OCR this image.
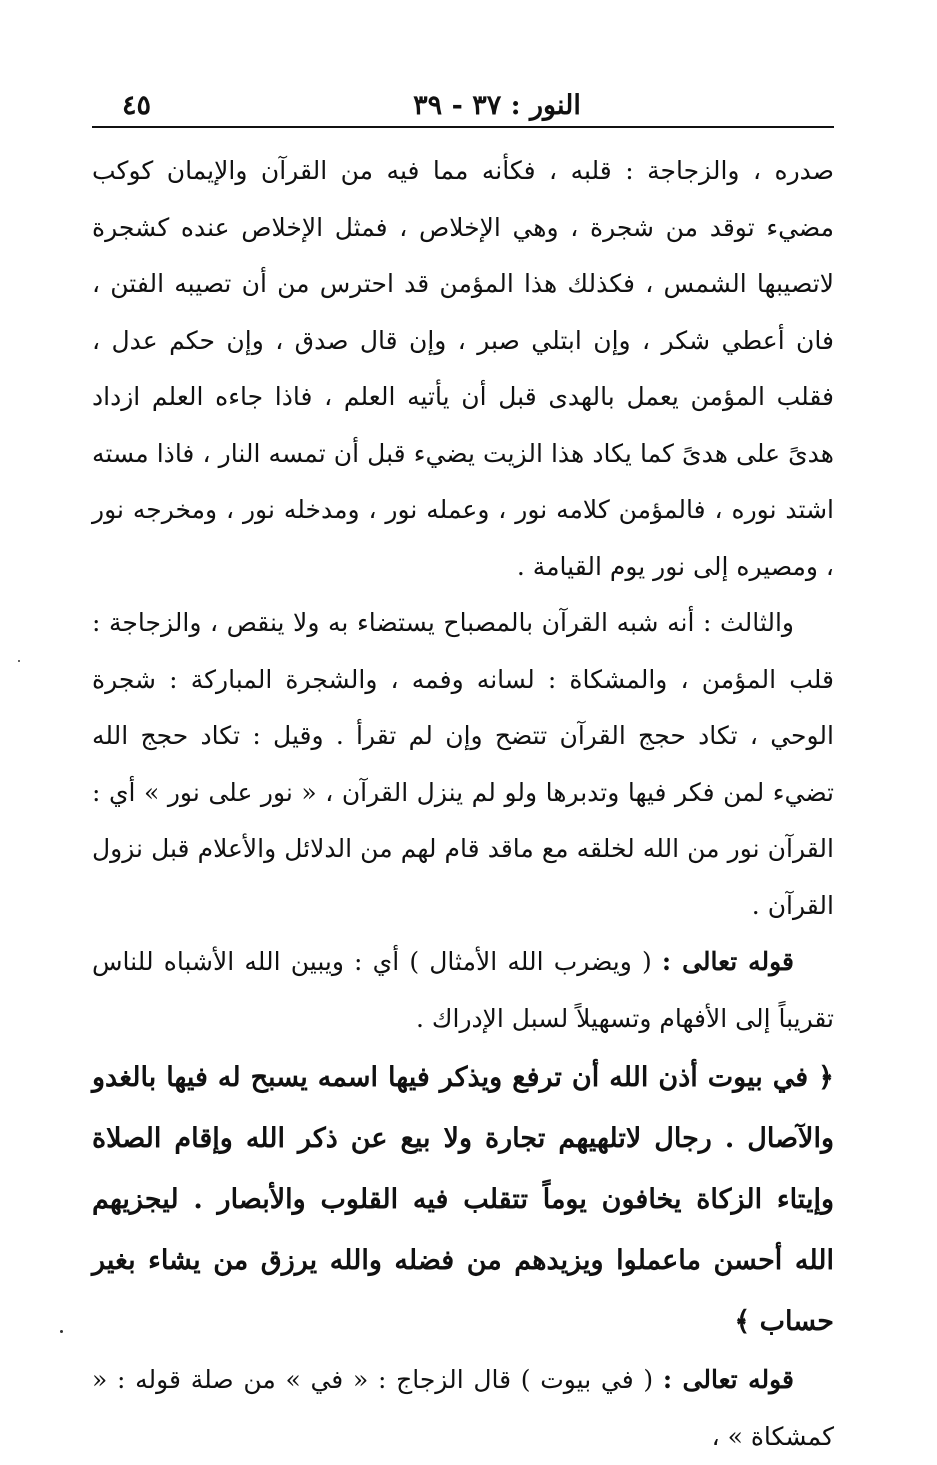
٤٥	النور : ٣٧ - ٣٩

صدره ، والزجاجة : قلبه ، فكأنه مما فيه من القرآن والإيمان كوكب مضيء توقد من شجرة ، وهي الإخلاص ، فمثل الإخلاص عنده كشجرة لاتصيبها الشمس ، فكذلك هذا المؤمن قد احترس من أن تصيبه الفتن ، فان أعطي شكر ، وإن ابتلي صبر ، وإن قال صدق ، وإن حكم عدل ، فقلب المؤمن يعمل بالهدى قبل أن يأتيه العلم ، فاذا جاءه العلم ازداد هدىً على هدىً كما يكاد هذا الزيت يضيء قبل أن تمسه النار ، فاذا مسته اشتد نوره ، فالمؤمن كلامه نور ، وعمله نور ، ومدخله نور ، ومخرجه نور ، ومصيره إلى نور يوم القيامة .

والثالث : أنه شبه القرآن بالمصباح يستضاء به ولا ينقص ، والزجاجة : قلب المؤمن ، والمشكاة : لسانه وفمه ، والشجرة المباركة : شجرة الوحي ، تكاد حجج القرآن تتضح وإن لم تقرأ . وقيل : تكاد حجج الله تضيء لمن فكر فيها وتدبرها ولو لم ينزل القرآن ، « نور على نور » أي : القرآن نور من الله لخلقه مع ماقد قام لهم من الدلائل والأعلام قبل نزول القرآن .

قوله تعالى : ( ويضرب الله الأمثال ) أي : ويبين الله الأشباه للناس تقريباً إلى الأفهام وتسهيلاً لسبل الإدراك .

﴿ في بيوت أذن الله أن ترفع ويذكر فيها اسمه يسبح له فيها بالغدو والآصال . رجال لاتلهيهم تجارة ولا بيع عن ذكر الله وإقام الصلاة وإيتاء الزكاة يخافون يوماً تتقلب فيه القلوب والأبصار . ليجزيهم الله أحسن ماعملوا ويزيدهم من فضله والله يرزق من يشاء بغير حساب ﴾

قوله تعالى : ( في بيوت ) قال الزجاج : « في » من صلة قوله : « كمشكاة » ،
